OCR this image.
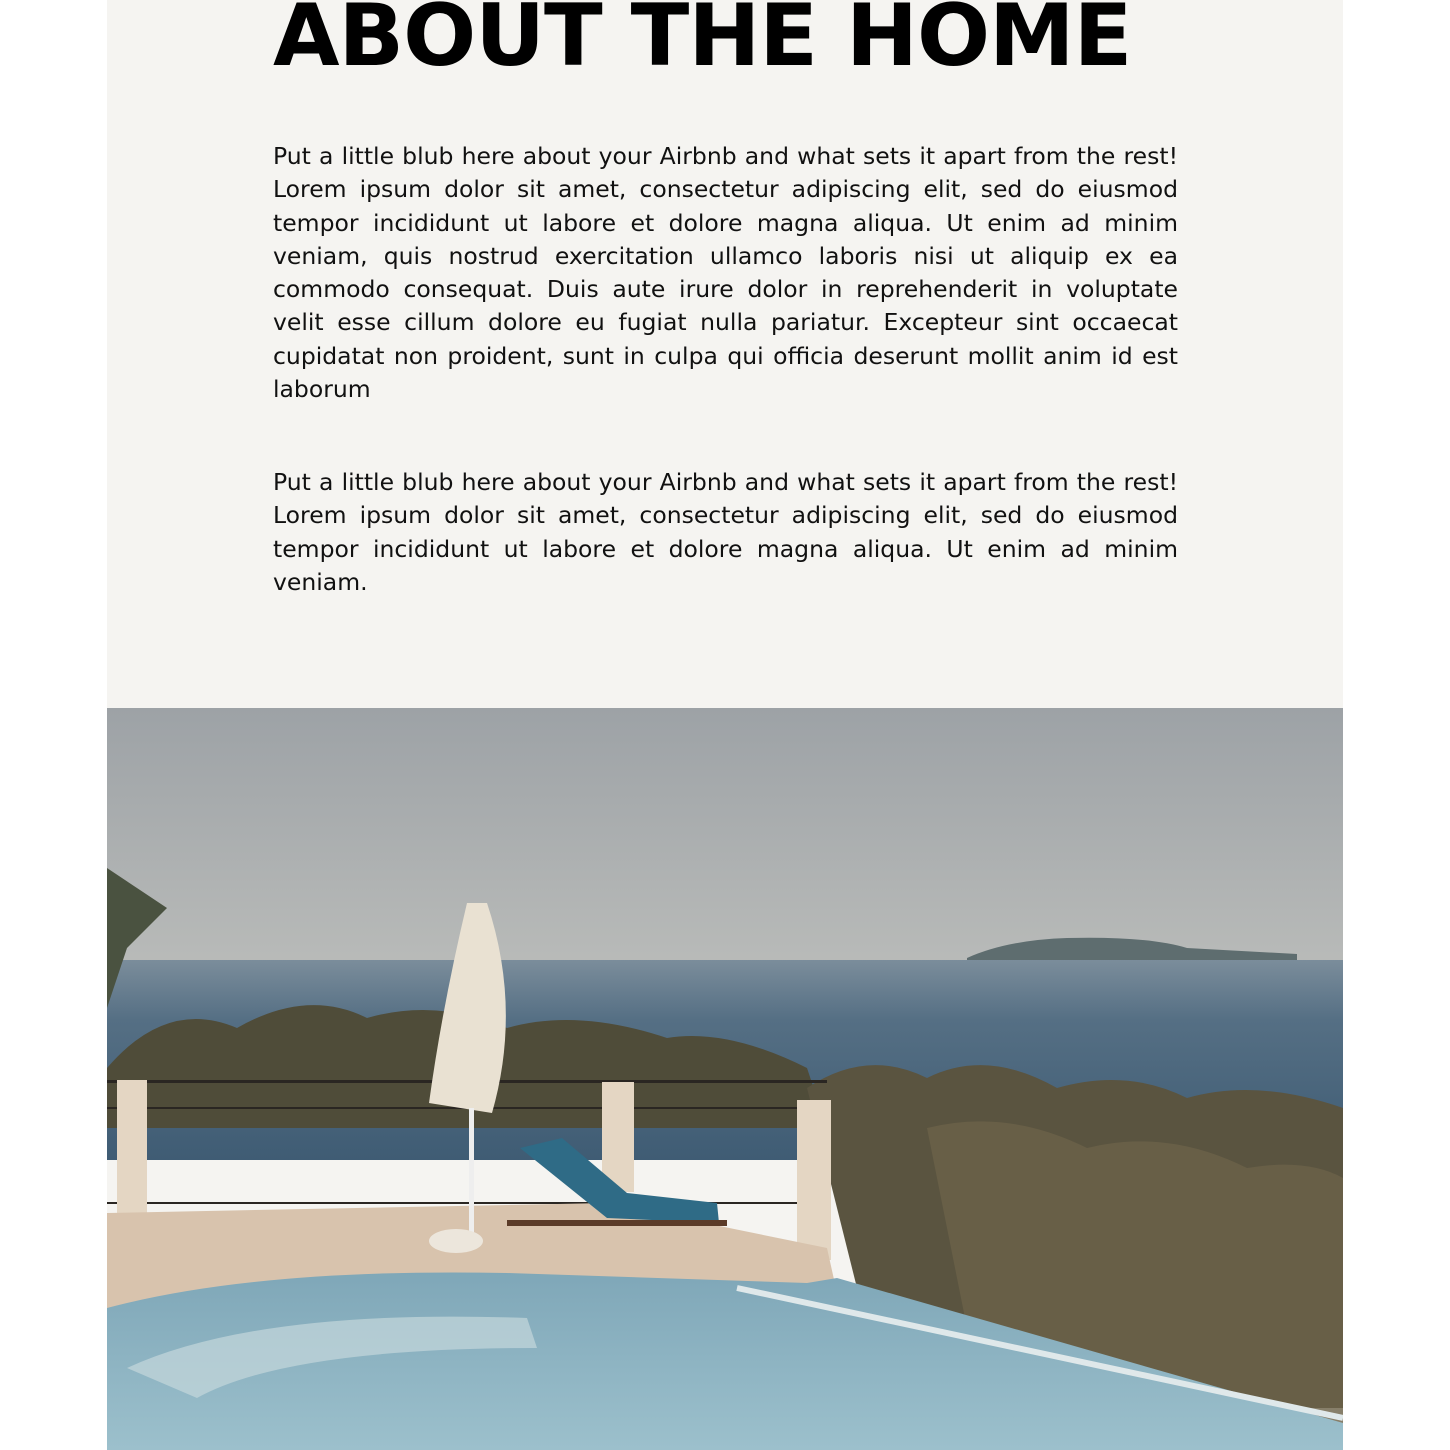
ABOUT THE HOME

Put a little blub here about your Airbnb and what sets it apart from the rest! Lorem ipsum dolor sit amet, consectetur adipiscing elit, sed do eiusmod tempor incididunt ut labore et dolore magna aliqua. Ut enim ad minim veniam, quis nostrud exercitation ullamco laboris nisi ut aliquip ex ea commodo consequat. Duis aute irure dolor in reprehenderit in voluptate velit esse cillum dolore eu fugiat nulla pariatur. Excepteur sint occaecat cupidatat non proident, sunt in culpa qui officia deserunt mollit anim id est laborum

Put a little blub here about your Airbnb and what sets it apart from the rest! Lorem ipsum dolor sit amet, consectetur adipiscing elit, sed do eiusmod tempor incididunt ut labore et dolore magna aliqua. Ut enim ad minim veniam.
